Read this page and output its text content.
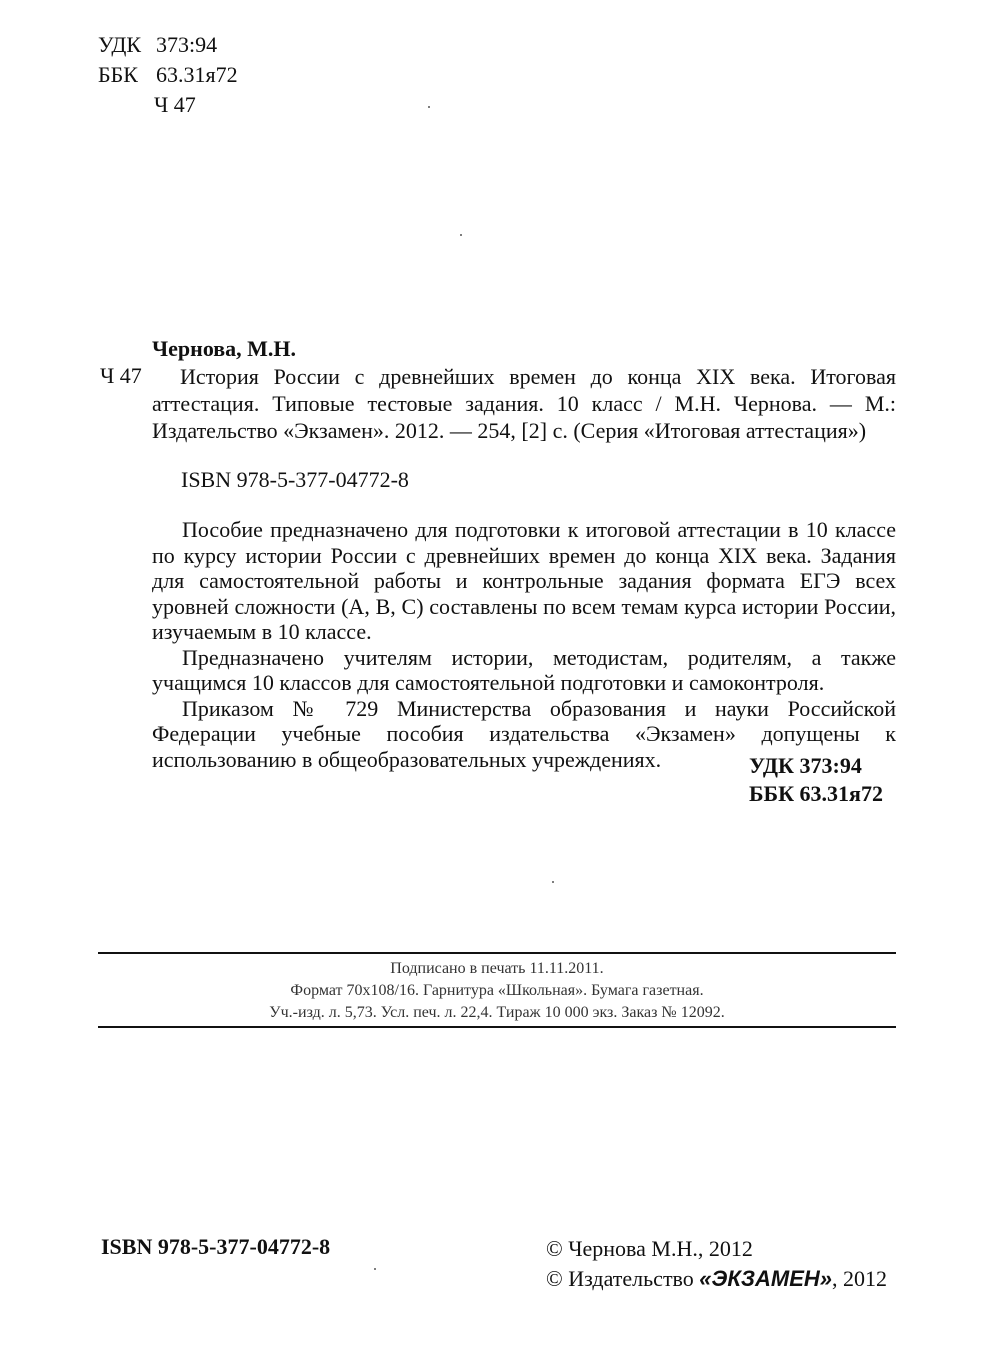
УДК 373:94
ББК 63.31я72
Ч 47
Чернова, М.Н.
Ч 47	История России с древнейших времен до конца XIX века. Итоговая аттестация. Типовые тестовые задания. 10 класс / М.Н. Чернова. — М.: Издательство «Экзамен». 2012. — 254, [2] с. (Серия «Итоговая аттестация»)

ISBN 978-5-377-04772-8

Пособие предназначено для подготовки к итоговой аттестации в 10 классе по курсу истории России с древнейших времен до конца XIX века. Задания для самостоятельной работы и контрольные задания формата ЕГЭ всех уровней сложности (А, В, С) составлены по всем темам курса истории России, изучаемым в 10 классе.

Предназначено учителям истории, методистам, родителям, а также учащимся 10 классов для самостоятельной подготовки и самоконтроля.

Приказом № 729 Министерства образования и науки Российской Федерации учебные пособия издательства «Экзамен» допущены к использованию в общеобразовательных учреждениях.	УДК 373:94
ББК 63.31я72
Подписано в печать 11.11.2011.
Формат 70x108/16. Гарнитура «Школьная». Бумага газетная.
Уч.-изд. л. 5,73. Усл. печ. л. 22,4. Тираж 10 000 экз. Заказ № 12092.
ISBN 978-5-377-04772-8	© Чернова М.Н., 2012
© Издательство «ЭКЗАМЕН», 2012
